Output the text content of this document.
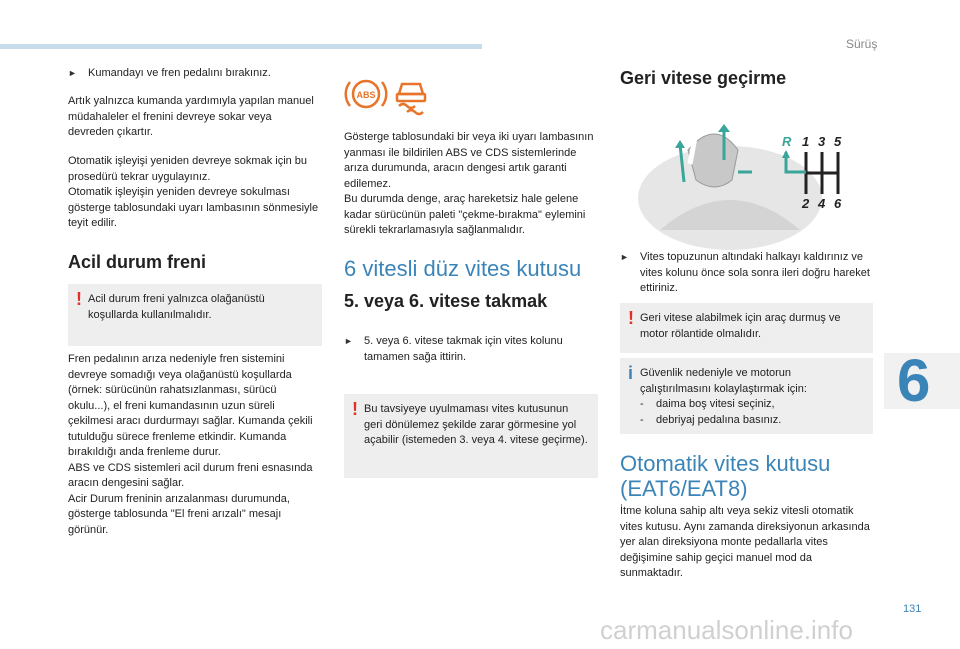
Sürüş
6
131

► Kumandayı ve fren pedalını bırakınız.

Artık yalnızca kumanda yardımıyla yapılan manuel müdahaleler el frenini devreye sokar veya devreden çıkartır.
Otomatik işleyişi yeniden devreye sokmak için bu prosedürü tekrar uygulayınız.
Otomatik işleyişin yeniden devreye sokulması gösterge tablosundaki uyarı lambasının sönmesiyle teyit edilir.
Acil durum freni
! Acil durum freni yalnızca olağanüstü koşullarda kullanılmalıdır.
Fren pedalının arıza nedeniyle fren sistemini devreye somadığı veya olağanüstü koşullarda (örnek: sürücünün rahatsızlanması, sürücü okulu...), el freni kumandasının uzun süreli çekilmesi aracı durdurmayı sağlar. Kumanda çekili tutulduğu sürece frenleme etkindir. Kumanda bırakıldığı anda frenleme durur.
ABS ve CDS sistemleri acil durum freni esnasında aracın dengesini sağlar.
Acir Durum freninin arızalanması durumunda, gösterge tablosunda "El freni arızalı" mesajı görünür.
ABS
Gösterge tablosundaki bir veya iki uyarı lambasının yanması ile bildirilen ABS ve CDS sistemlerinde arıza durumunda, aracın dengesi artık garanti edilemez.
Bu durumda denge, araç hareketsiz hale gelene kadar sürücünün paleti "çekme-bırakma" eylemini sürekli tekrarlamasıyla sağlanmalıdır.
6 vitesli düz vites kutusu
5. veya 6. vitese takmak

► 5. veya 6. vitese takmak için vites kolunu tamamen sağa ittirin.

! Bu tavsiyeye uyulmaması vites kutusunun geri dönülemez şekilde zarar görmesine yol açabilir (istemeden 3. veya 4. vitese geçirme).
Geri vitese geçirme
R 1 3 5
2 4 6

► Vites topuzunun altındaki halkayı kaldırınız ve vites kolunu önce sola sonra ileri doğru hareket ettiriniz.

! Geri vitese alabilmek için araç durmuş ve motor rölantide olmalıdır.
i Güvenlik nedeniyle ve motorun çalıştırılmasını kolaylaştırmak için:
- daima boş vitesi seçiniz,
- debriyaj pedalına basınız.
Otomatik vites kutusu (EAT6/EAT8)
İtme koluna sahip altı veya sekiz vitesli otomatik vites kutusu. Aynı zamanda direksiyonun arkasında yer alan direksiyona monte pedallarla vites değişimine sahip geçici manuel mod da sunmaktadır.
carmanualsonline.info
